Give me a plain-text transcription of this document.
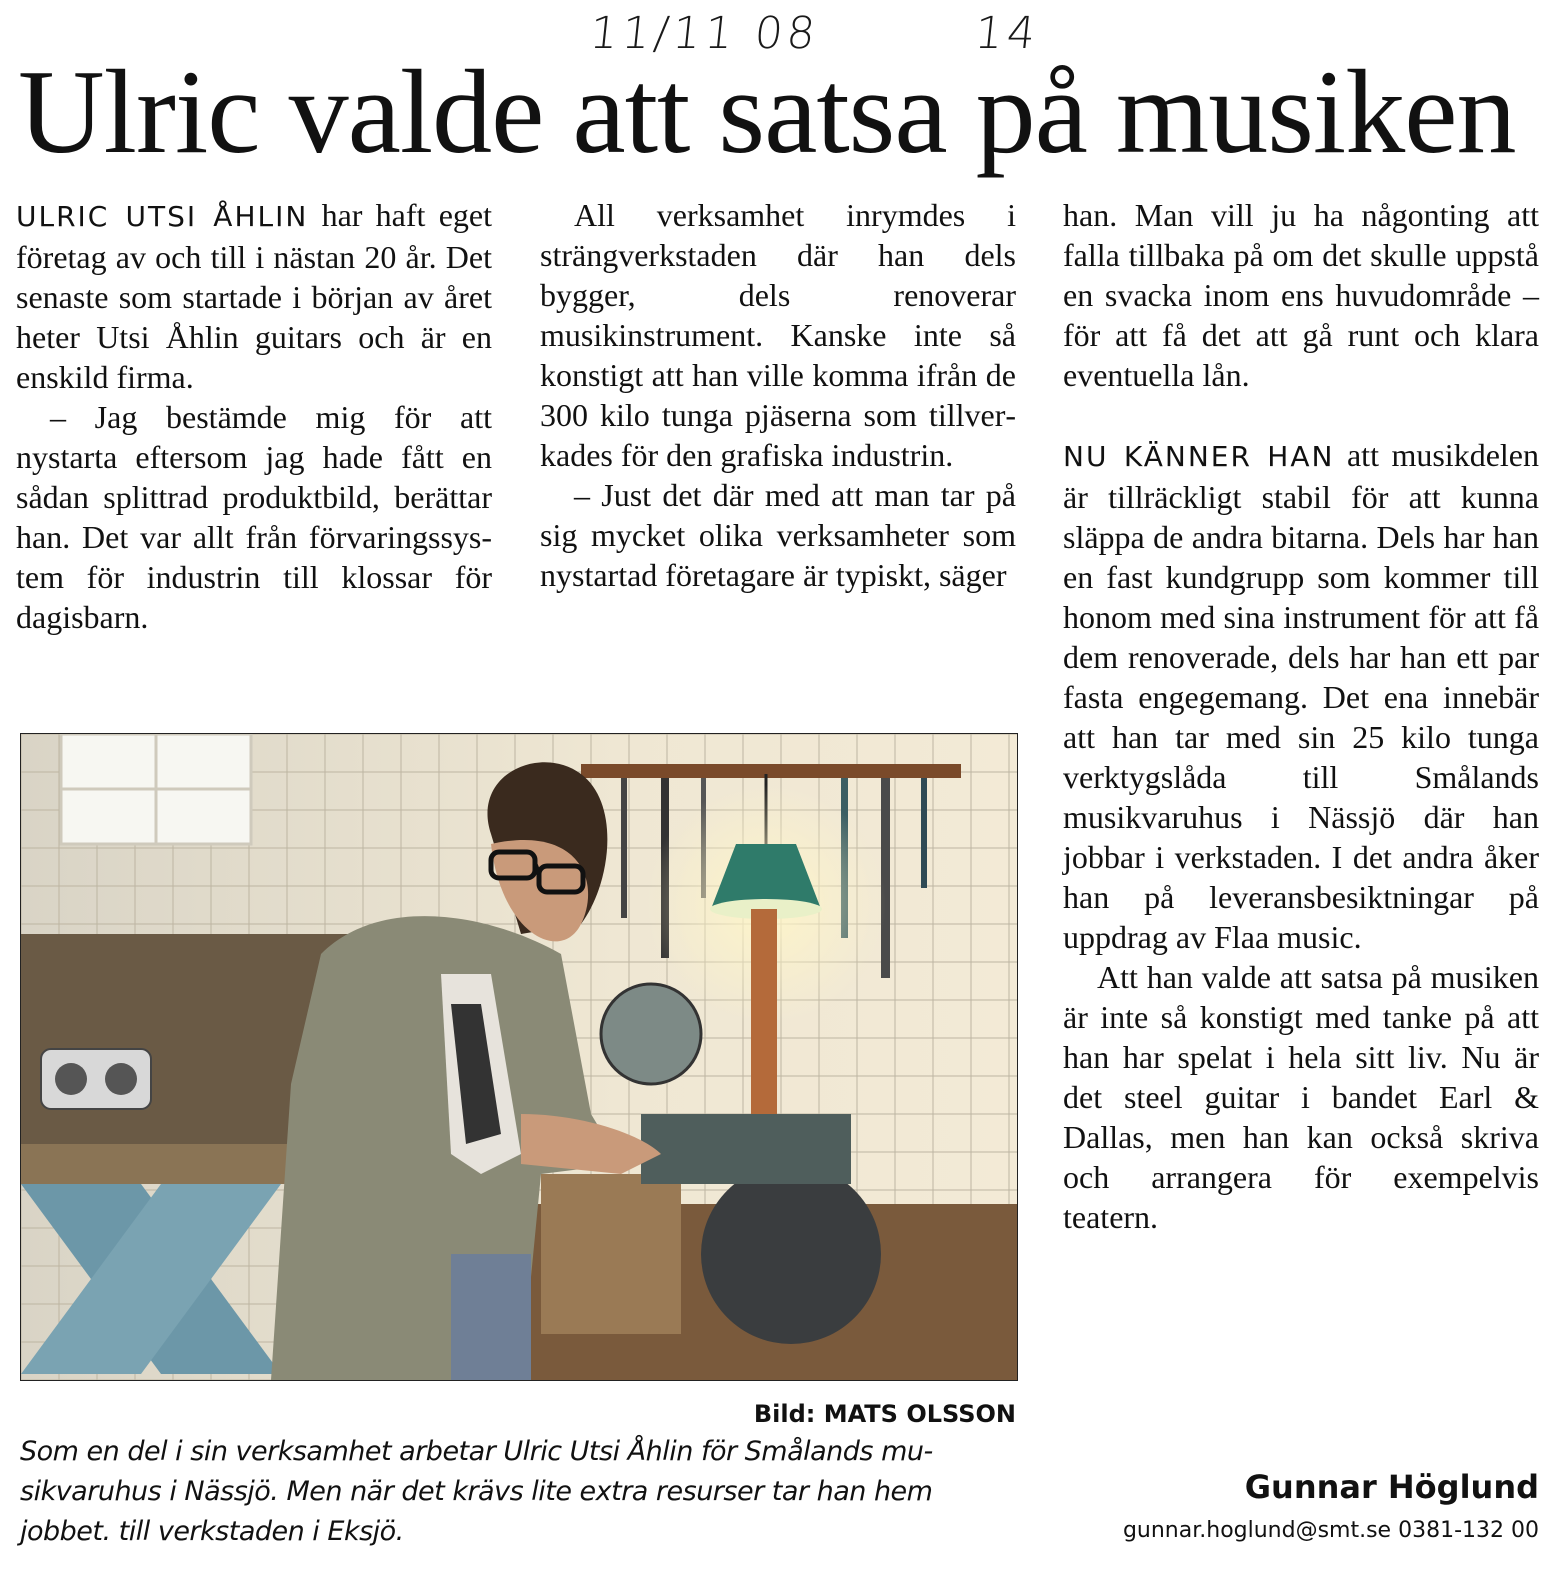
11/11 08	14
Ulric valde att satsa på musiken

ULRIC UTSI ÅHLIN har haft eget företag av och till i nästan 20 år. Det senaste som startade i början av året heter Utsi Åhlin guitars och är en enskild firma.

– Jag bestämde mig för att nystarta eftersom jag hade fått en sådan splittrad produktbild, berättar han. Det var allt från förvaringssystem för industrin till klossar för dagisbarn.

All verksamhet inrymdes i strängverkstaden där han dels bygger, dels renoverar musikinstrument. Kanske inte så konstigt att han ville komma ifrån de 300 kilo tunga pjäserna som tillverkades för den grafiska industrin.

– Just det där med att man tar på sig mycket olika verksamheter som nystartad företagare är typiskt, säger

han. Man vill ju ha någonting att falla tillbaka på om det skulle uppstå en svacka inom ens huvudområde – för att få det att gå runt och klara eventuella lån.

NU KÄNNER HAN att musikdelen är tillräckligt stabil för att kunna släppa de andra bitarna. Dels har han en fast kundgrupp som kommer till honom med sina instrument för att få dem renoverade, dels har han ett par fasta engegemang. Det ena innebär att han tar med sin 25 kilo tunga verktygslåda till Smålands musikvaruhus i Nässjö där han jobbar i verkstaden. I det andra åker han på leveransbesiktningar på uppdrag av Flaa music.

Att han valde att satsa på musiken är inte så konstigt med tanke på att han har spelat i hela sitt liv. Nu är det steel guitar i bandet Earl & Dallas, men han kan också skriva och arrangera för exempelvis teatern.

Bild: MATS OLSSON

Som en del i sin verksamhet arbetar Ulric Utsi Åhlin för Smålands musikvaruhus i Nässjö. Men när det krävs lite extra resurser tar han hem jobbet. till verkstaden i Eksjö.

Gunnar Höglund
gunnar.hoglund@smt.se 0381-132 00
